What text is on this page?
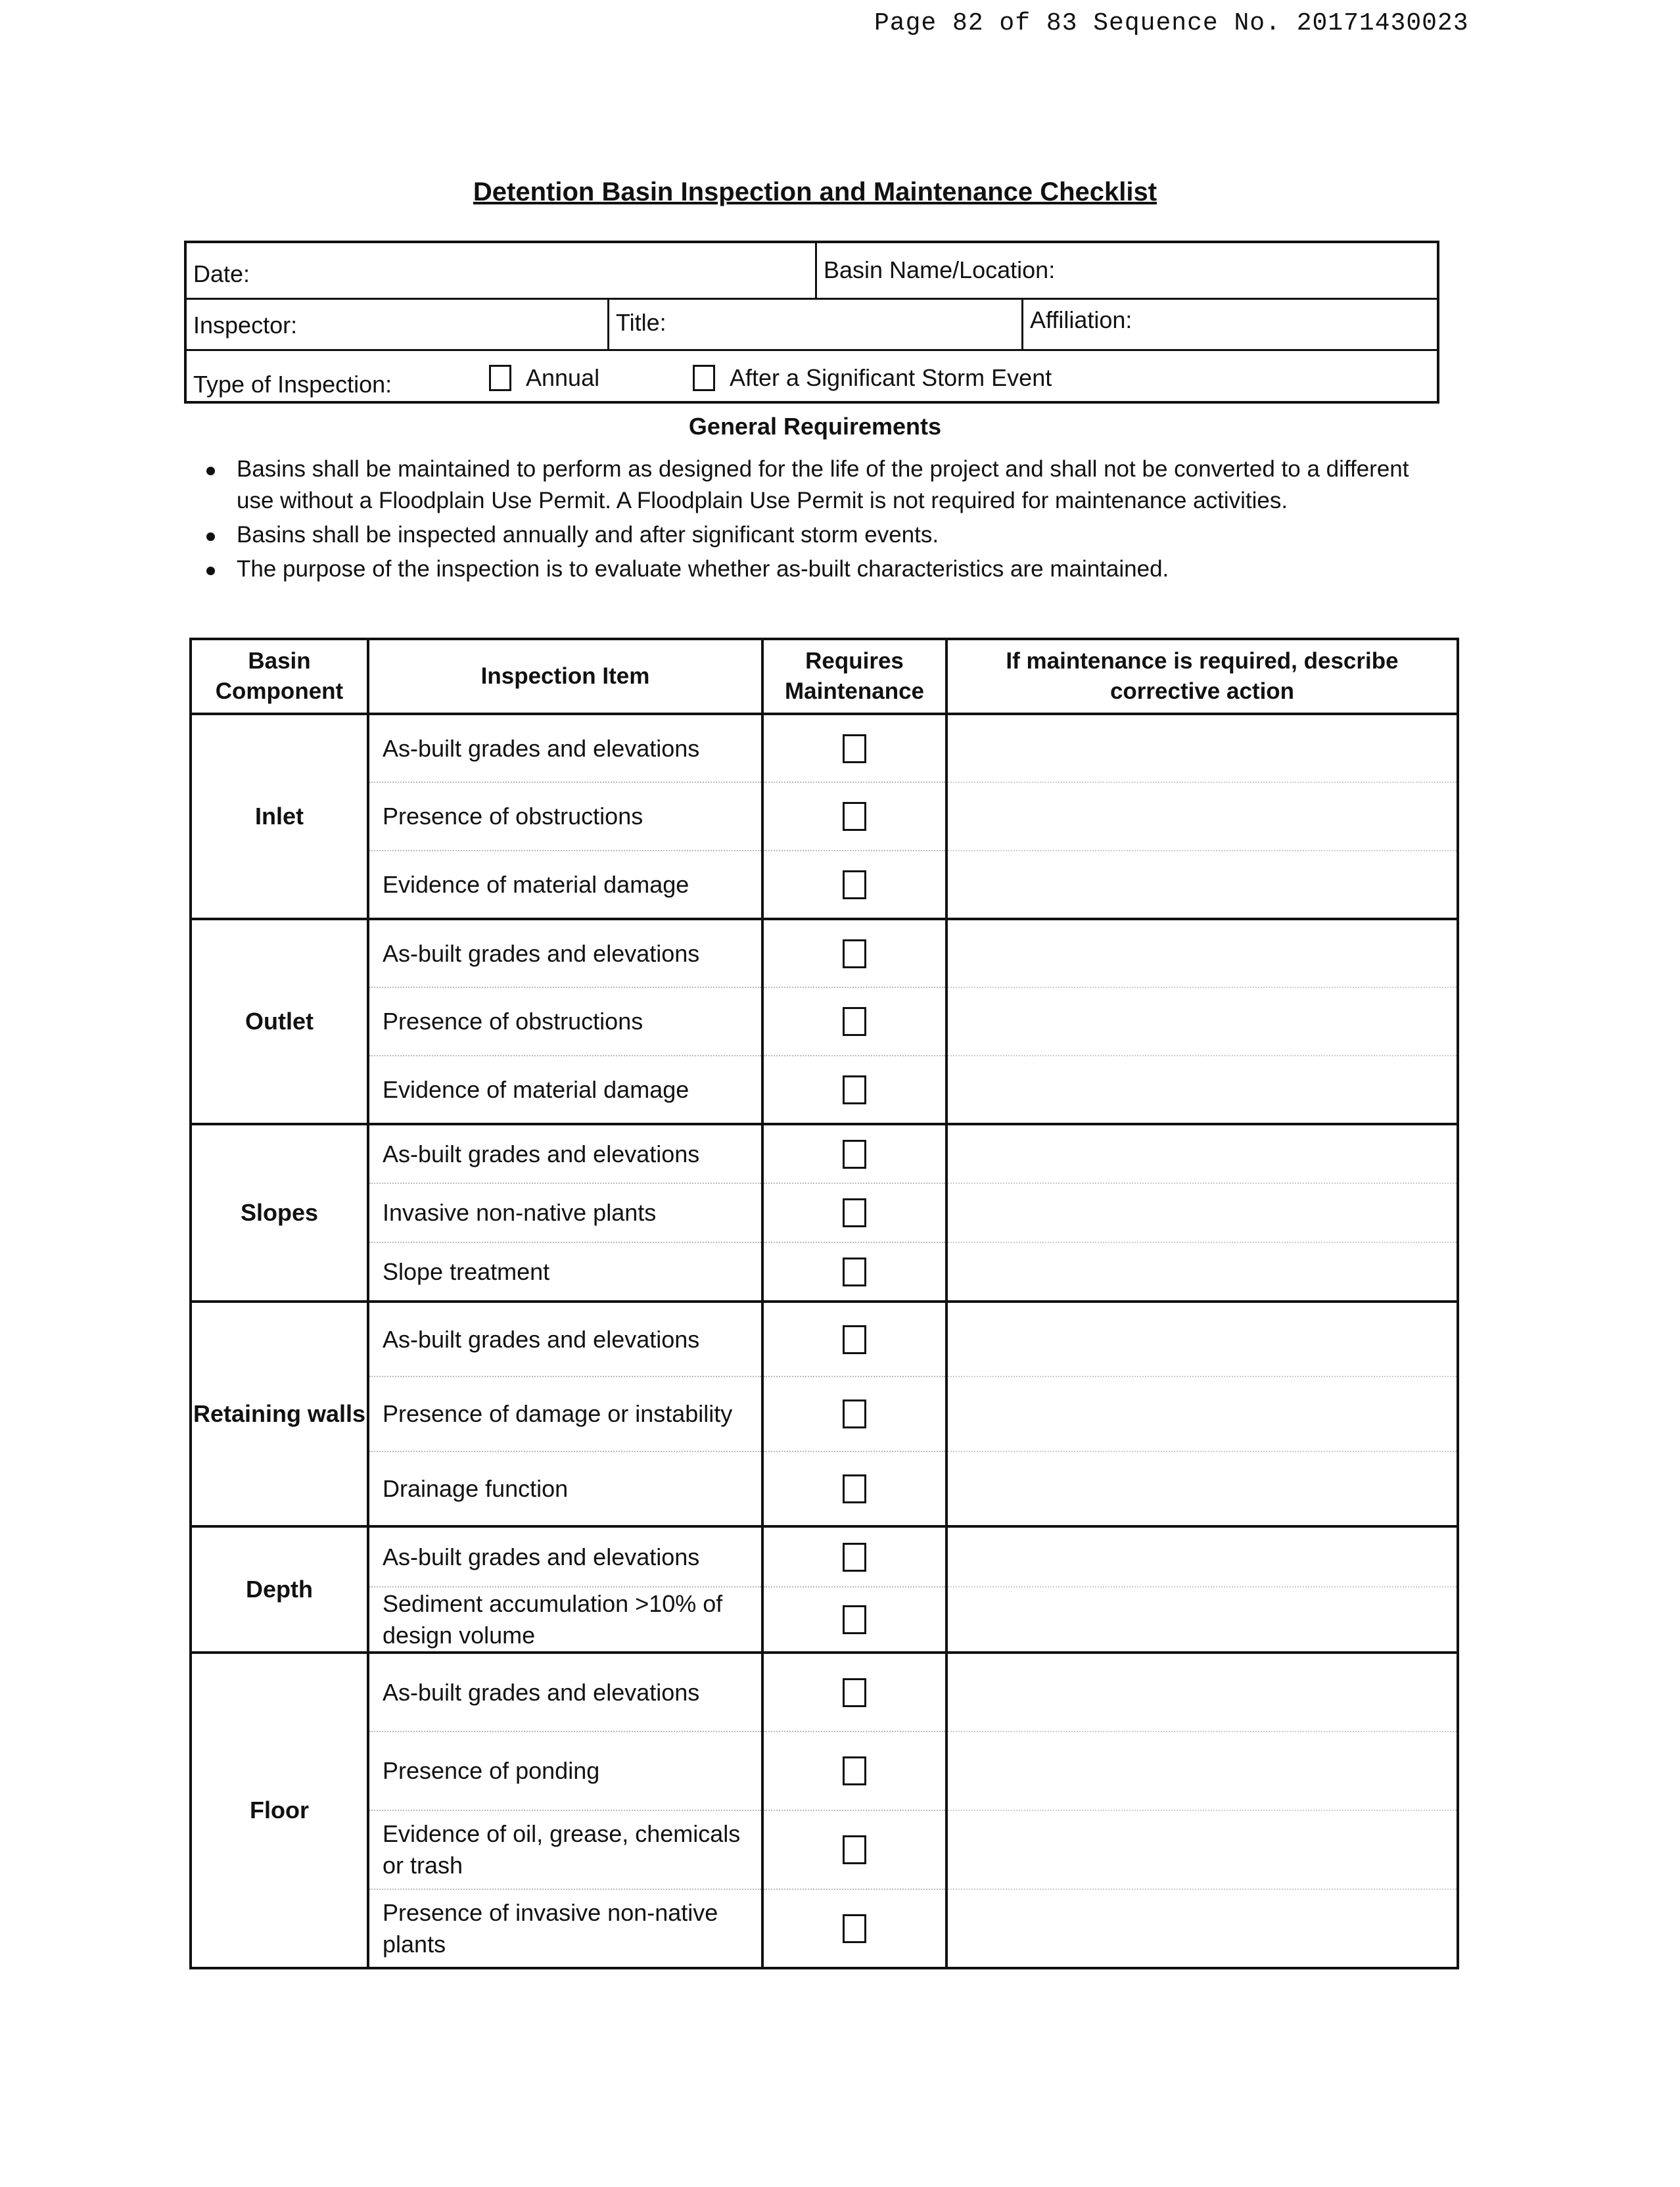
Page 82 of 83 Sequence No. 20171430023
Detention Basin Inspection and Maintenance Checklist
Date:	Basin Name/Location:
Inspector:	Title:	Affiliation:
Type of Inspection:	Annual	After a Significant Storm Event
General Requirements
Basins shall be maintained to perform as designed for the life of the project and shall not be converted to a different use without a Floodplain Use Permit. A Floodplain Use Permit is not required for maintenance activities.
Basins shall be inspected annually and after significant storm events.
The purpose of the inspection is to evaluate whether as-built characteristics are maintained.
Basin Component	Inspection Item	Requires Maintenance	If maintenance is required, describe corrective action
Inlet	As-built grades and elevations		
	Presence of obstructions		
	Evidence of material damage		
Outlet	As-built grades and elevations		
	Presence of obstructions		
	Evidence of material damage		
Slopes	As-built grades and elevations		
	Invasive non-native plants		
	Slope treatment		
Retaining walls	As-built grades and elevations		
	Presence of damage or instability		
	Drainage function		
Depth	As-built grades and elevations		
	Sediment accumulation >10% of design volume		
Floor	As-built grades and elevations		
	Presence of ponding		
	Evidence of oil, grease, chemicals or trash		
	Presence of invasive non-native plants		
